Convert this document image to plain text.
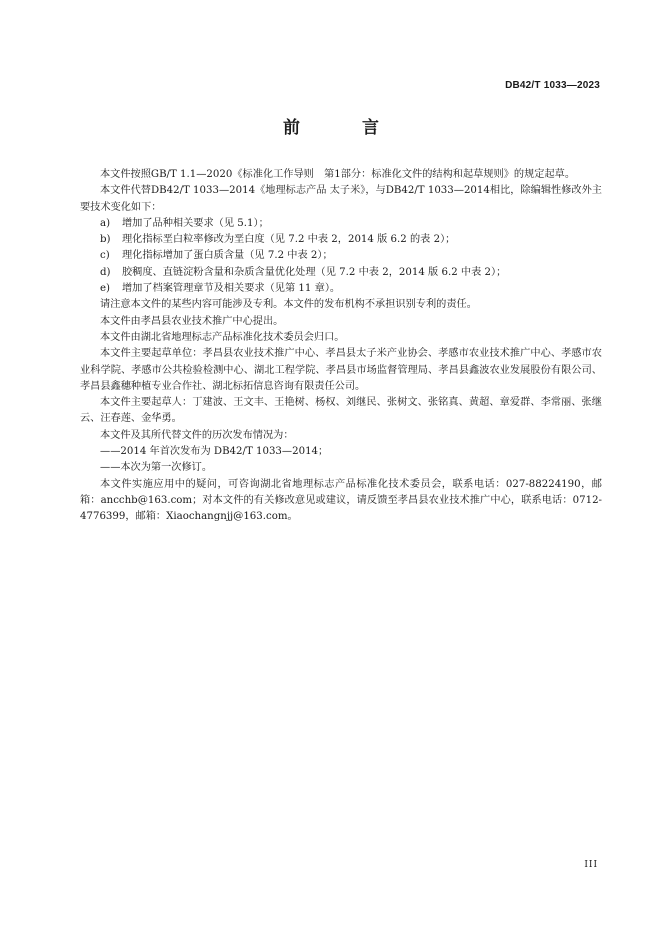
DB42/T 1033—2023
前 言

本文件按照GB/T 1.1—2020《标准化工作导则　第1部分：标准化文件的结构和起草规则》的规定起草。

本文件代替DB42/T 1033—2014《地理标志产品 太子米》，与DB42/T 1033—2014相比，除编辑性修改外主要技术变化如下：

a) 增加了品种相关要求（见 5.1）；

b) 理化指标垩白粒率修改为垩白度（见 7.2 中表 2，2014 版 6.2 的表 2）；

c) 理化指标增加了蛋白质含量（见 7.2 中表 2）；

d) 胶稠度、直链淀粉含量和杂质含量优化处理（见 7.2 中表 2，2014 版 6.2 中表 2）；

e) 增加了档案管理章节及相关要求（见第 11 章）。

请注意本文件的某些内容可能涉及专利。本文件的发布机构不承担识别专利的责任。

本文件由孝昌县农业技术推广中心提出。

本文件由湖北省地理标志产品标准化技术委员会归口。

本文件主要起草单位：孝昌县农业技术推广中心、孝昌县太子米产业协会、孝感市农业技术推广中心、孝感市农业科学院、孝感市公共检验检测中心、湖北工程学院、孝昌县市场监督管理局、孝昌县鑫波农业发展股份有限公司、孝昌县鑫穗种植专业合作社、湖北标拓信息咨询有限责任公司。

本文件主要起草人：丁建波、王文丰、王艳树、杨权、刘继民、张树文、张铭真、黄超、章爱群、李常丽、张继云、汪春莲、金华勇。

本文件及其所代替文件的历次发布情况为：

——2014 年首次发布为 DB42/T 1033—2014；

——本次为第一次修订。

本文件实施应用中的疑问，可咨询湖北省地理标志产品标准化技术委员会，联系电话：027-88224190，邮箱：ancchb@163.com；对本文件的有关修改意见或建议，请反馈至孝昌县农业技术推广中心，联系电话：0712-4776399，邮箱：Xiaochangnjj@163.com。

III
